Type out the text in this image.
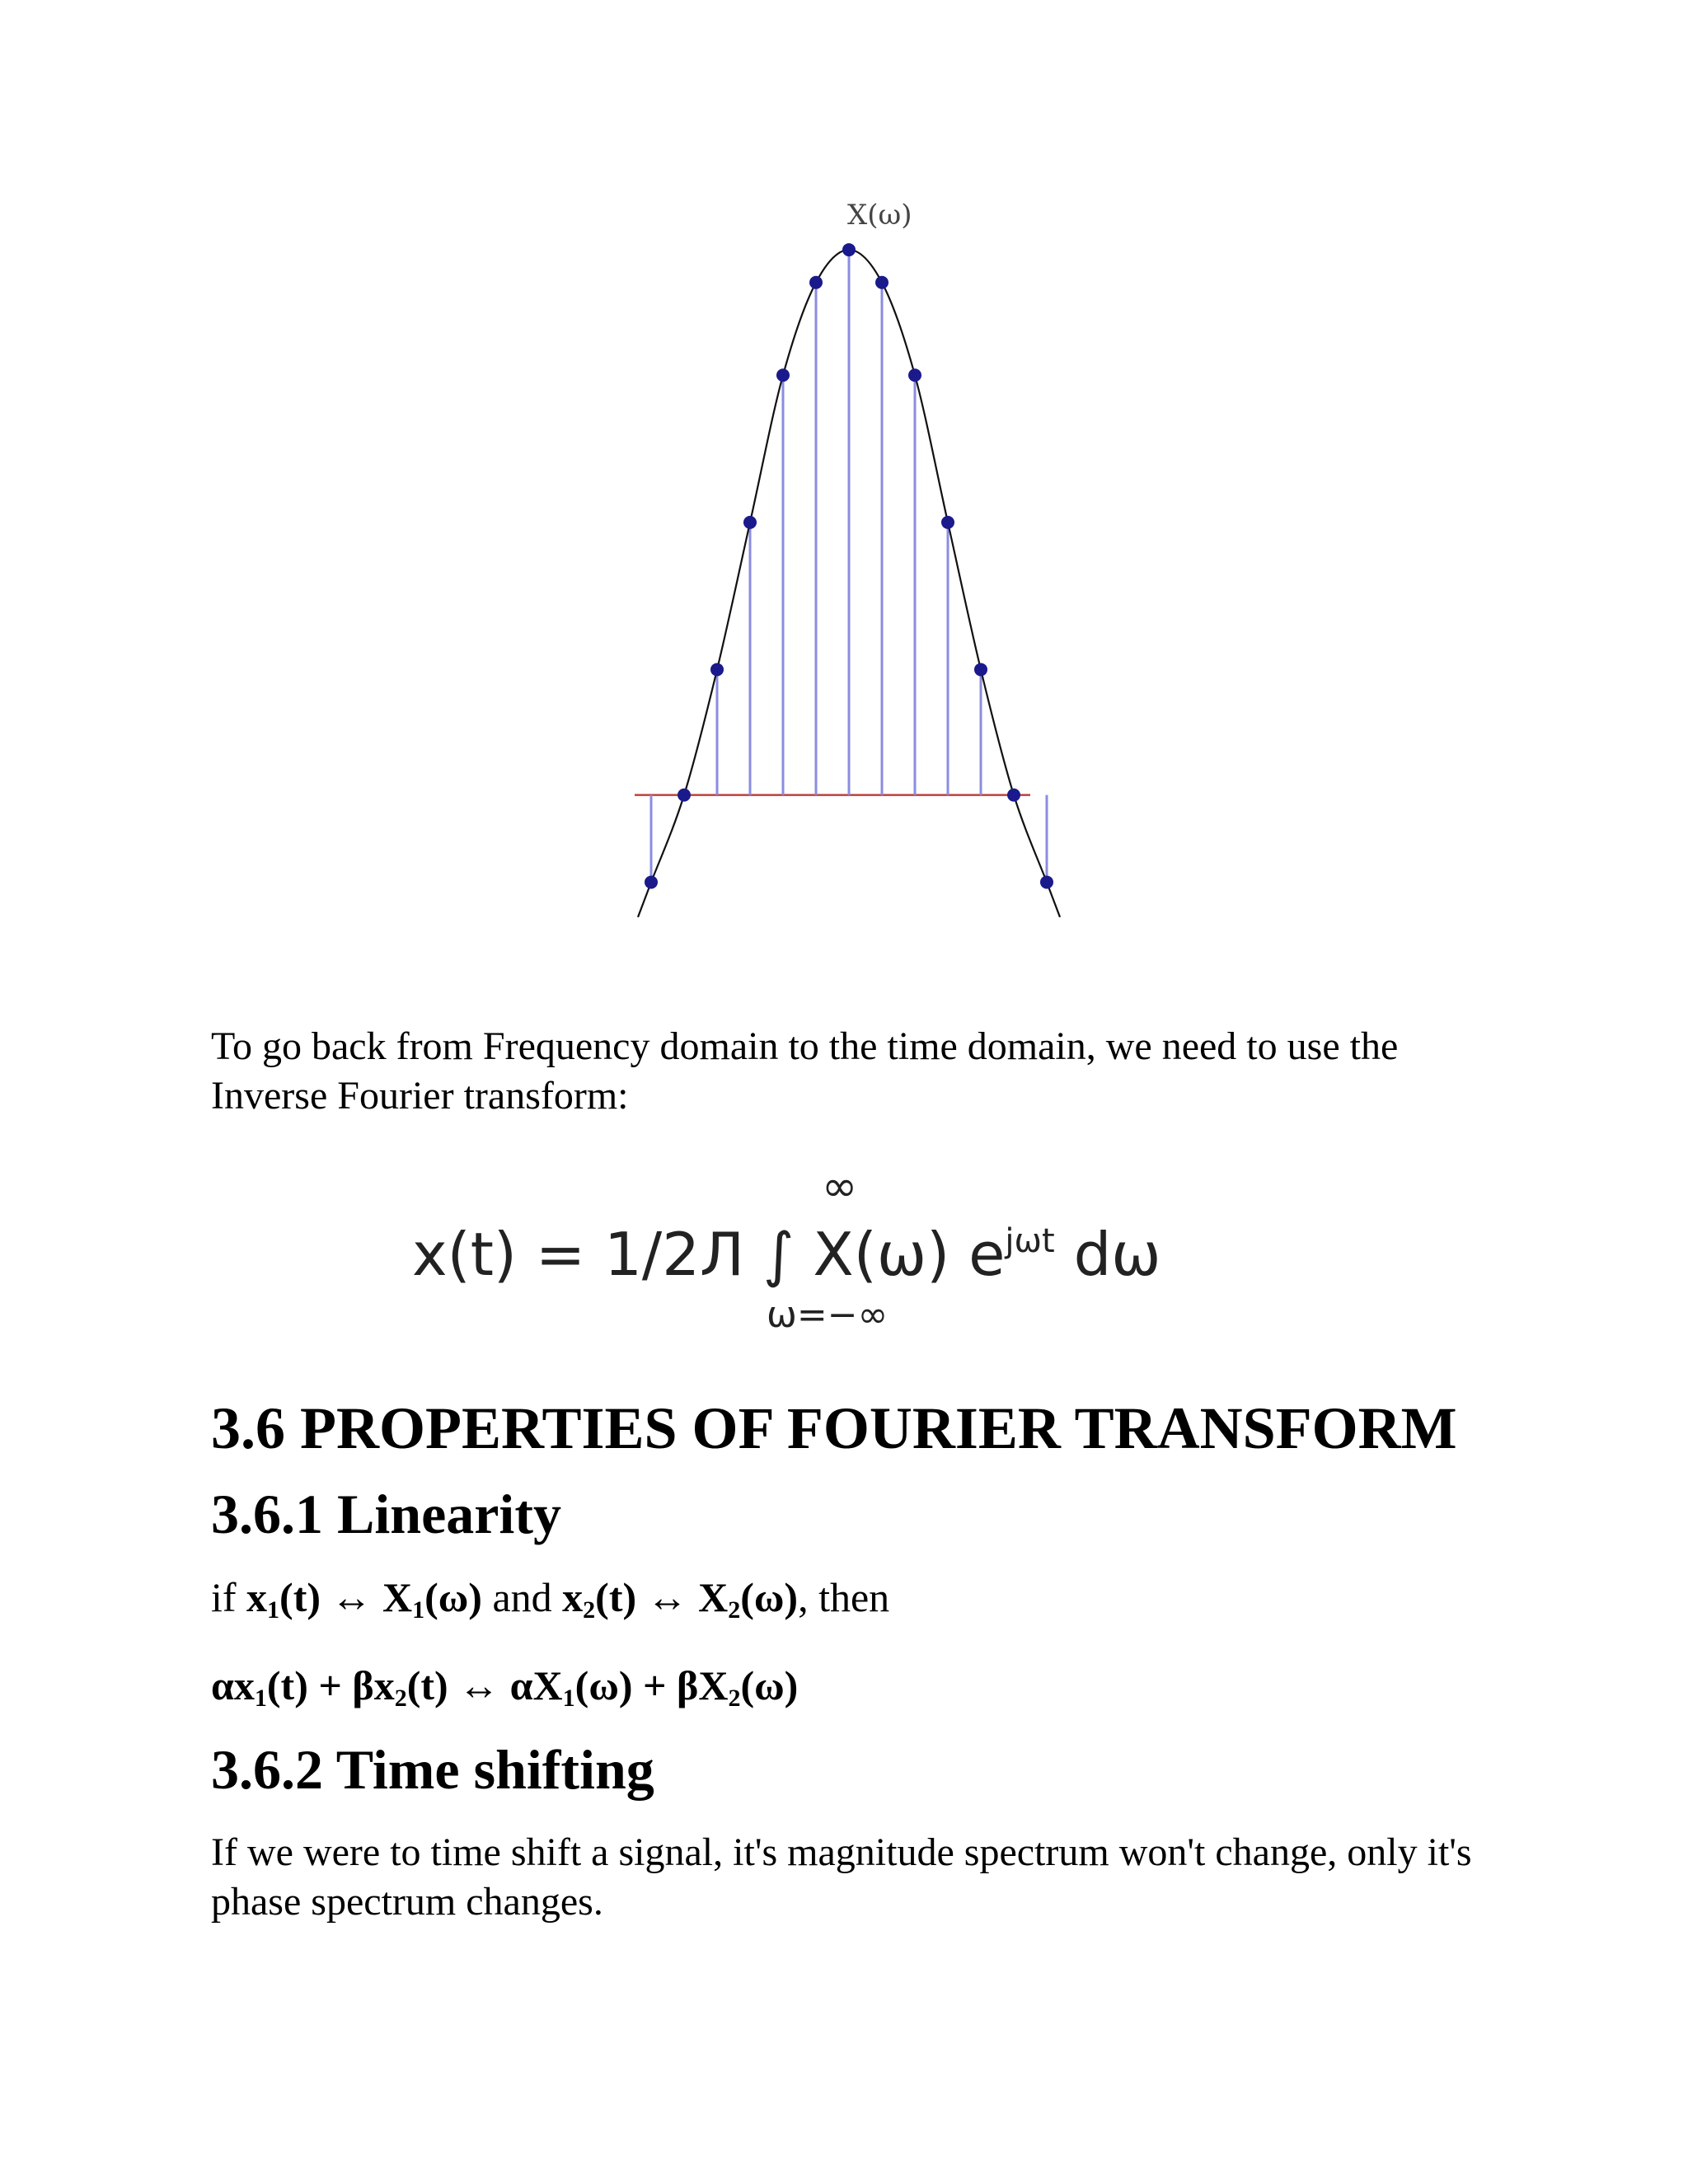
X(ω)

To go back from Frequency domain to the time domain, we need to use the Inverse Fourier transform:

∞
x(t) = 1/2Л ∫ X(ω) $e^{j\omega t}$ dω
ω=−∞
3.6 PROPERTIES OF FOURIER TRANSFORM
3.6.1 Linearity
if $x_1(t)$ ↔ $X_1(\omega)$ and $x_2(t)$ ↔ $X_2(\omega)$, then
$\alpha x_1(t) + \beta x_2(t)$ ↔ $\alpha X_1(\omega) + \beta X_2(\omega)$
3.6.2 Time shifting

If we were to time shift a signal, it's magnitude spectrum won't change, only it's phase spectrum changes.
